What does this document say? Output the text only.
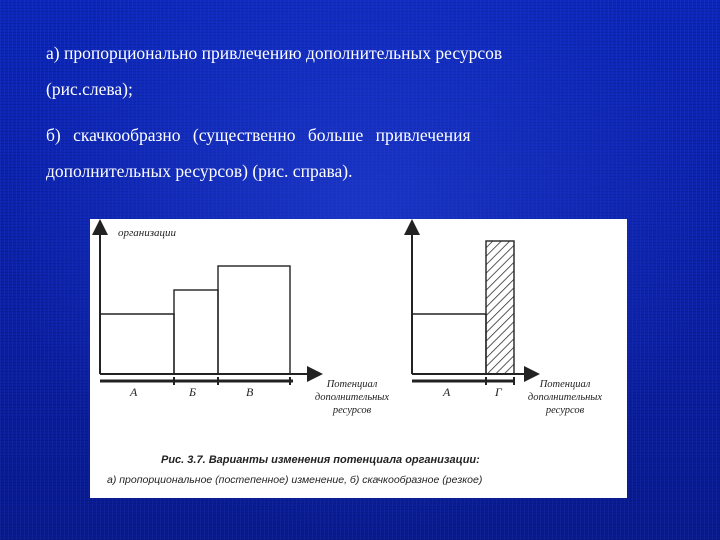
а) пропорционально привлечению дополнительных ресурсов
(рис.слева);

б) скачкообразно (существенно больше привлечения
дополнительных ресурсов) (рис. справа).

организации
А	Б	В
Потенциал
дополнительных
ресурсов
А	Г
Потенциал
дополнительных
ресурсов
Рис. 3.7. Варианты изменения потенциала организации:
а) пропорциональное (постепенное) изменение, б) скачкообразное (резкое)
